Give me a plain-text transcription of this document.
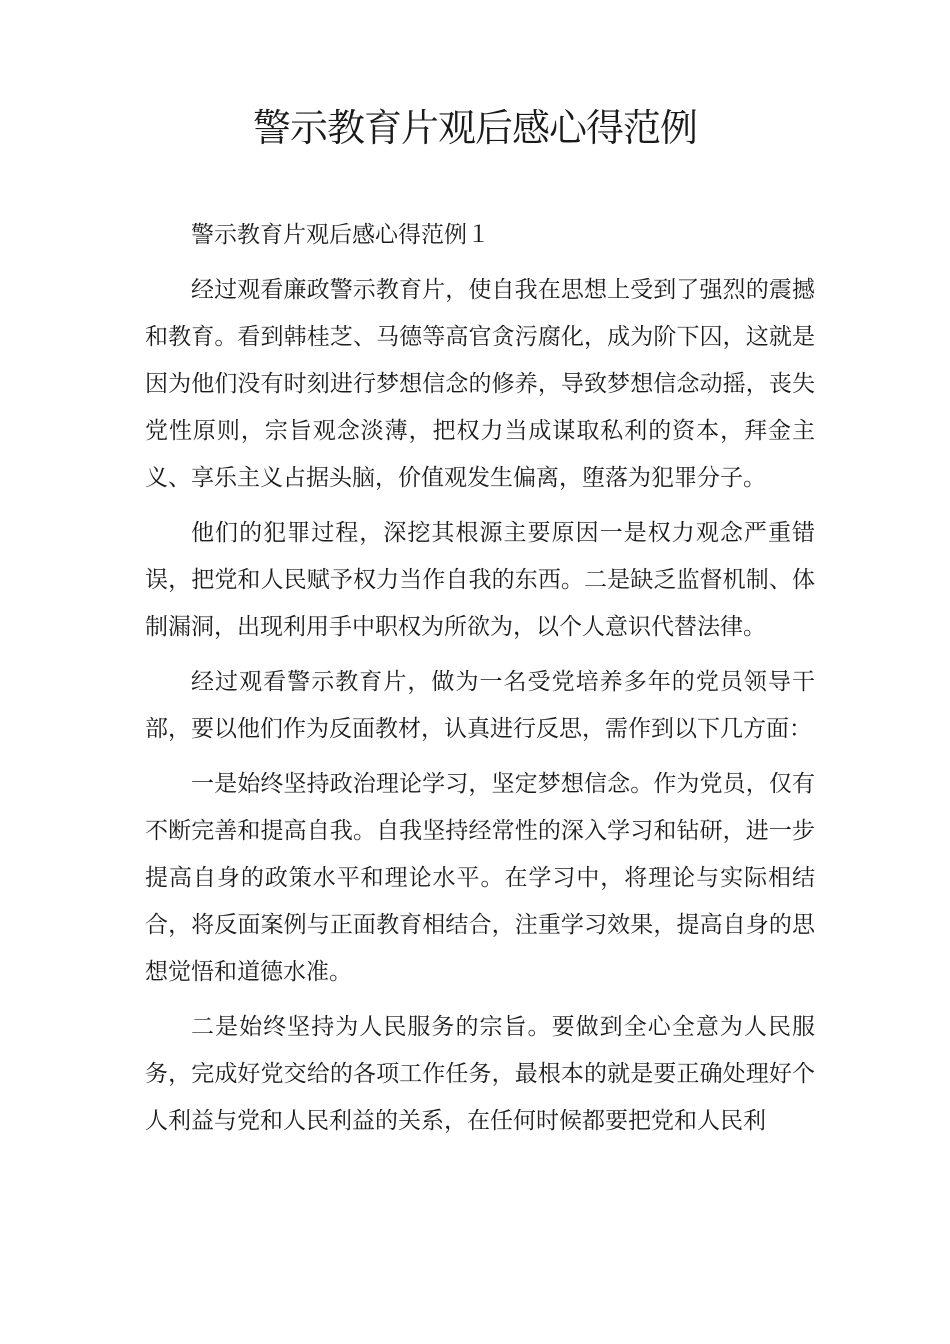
警示教育片观后感心得范例

警示教育片观后感心得范例１

经过观看廉政警示教育片，使自我在思想上受到了强烈的震撼和教育。看到韩桂芝、马德等高官贪污腐化，成为阶下囚，这就是因为他们没有时刻进行梦想信念的修养，导致梦想信念动摇，丧失党性原则，宗旨观念淡薄，把权力当成谋取私利的资本，拜金主义、享乐主义占据头脑，价值观发生偏离，堕落为犯罪分子。

他们的犯罪过程，深挖其根源主要原因一是权力观念严重错误，把党和人民赋予权力当作自我的东西。二是缺乏监督机制、体制漏洞，出现利用手中职权为所欲为，以个人意识代替法律。

经过观看警示教育片，做为一名受党培养多年的党员领导干部，要以他们作为反面教材，认真进行反思，需作到以下几方面：

一是始终坚持政治理论学习，坚定梦想信念。作为党员，仅有不断完善和提高自我。自我坚持经常性的深入学习和钻研，进一步提高自身的政策水平和理论水平。在学习中，将理论与实际相结合，将反面案例与正面教育相结合，注重学习效果，提高自身的思想觉悟和道德水准。

二是始终坚持为人民服务的宗旨。要做到全心全意为人民服务，完成好党交给的各项工作任务，最根本的就是要正确处理好个人利益与党和人民利益的关系，在任何时候都要把党和人民利
